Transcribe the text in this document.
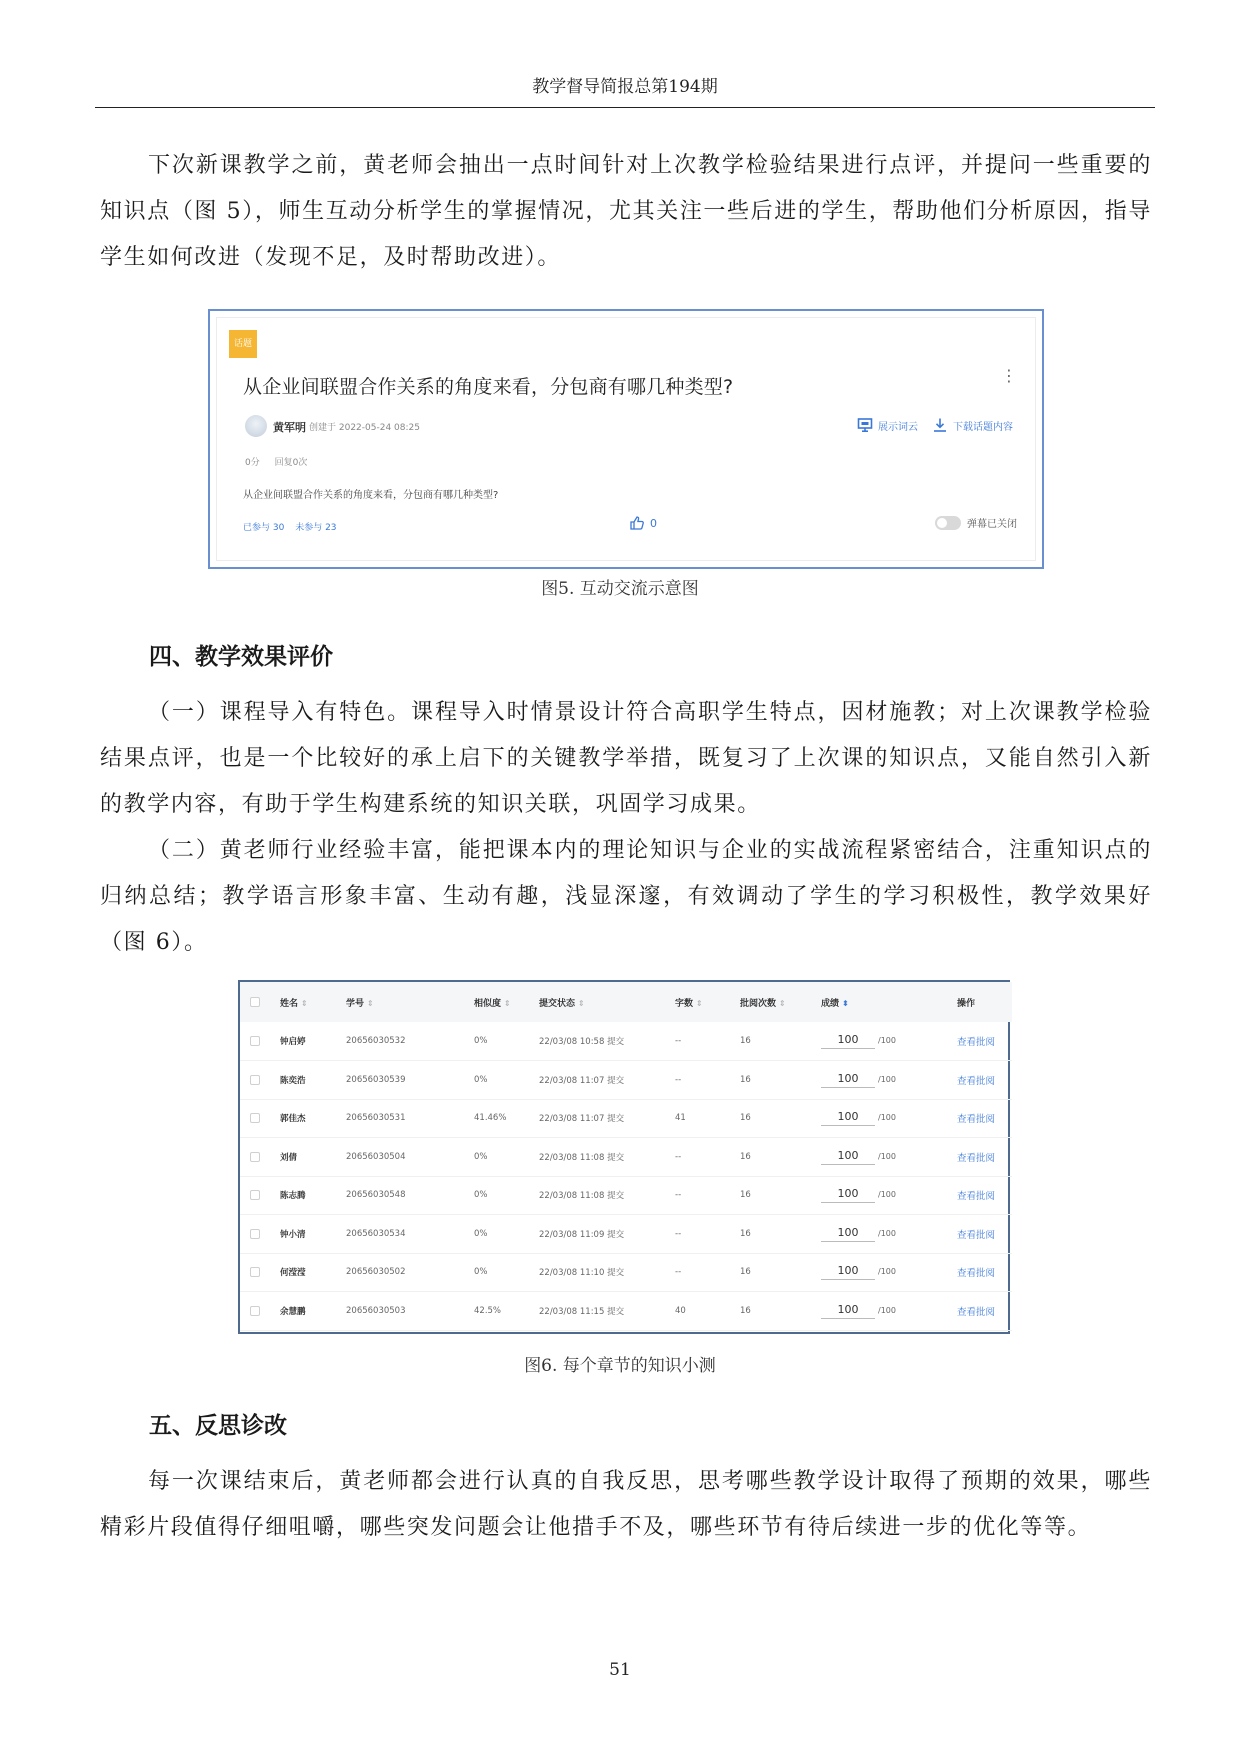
教学督导简报总第194期

下次新课教学之前，黄老师会抽出一点时间针对上次教学检验结果进行点评，并提问一些重要的知识点（图 5），师生互动分析学生的掌握情况，尤其关注一些后进的学生，帮助他们分析原因，指导学生如何改进（发现不足，及时帮助改进）。

话题
从企业间联盟合作关系的角度来看，分包商有哪几种类型?
⋮
黄军明 创建于 2022-05-24 08:25	展示词云	下载话题内容
0分 回复0次
从企业间联盟合作关系的角度来看，分包商有哪几种类型?
已参与 30 未参与 23	0	弹幕已关闭
图5. 互动交流示意图
四、教学效果评价

（一）课程导入有特色。课程导入时情景设计符合高职学生特点，因材施教；对上次课教学检验结果点评，也是一个比较好的承上启下的关键教学举措，既复习了上次课的知识点，又能自然引入新的教学内容，有助于学生构建系统的知识关联，巩固学习成果。

（二）黄老师行业经验丰富，能把课本内的理论知识与企业的实战流程紧密结合，注重知识点的归纳总结；教学语言形象丰富、生动有趣，浅显深邃，有效调动了学生的学习积极性，教学效果好（图 6）。

	姓名 ⇕	学号 ⇕	相似度 ⇕	提交状态 ⇕	字数 ⇕	批阅次数 ⇕	成绩 ⬍	操作
	钟启婷	20656030532	0%	22/03/08 10:58 提交	--	16	100 /100	查看批阅
	陈奕浩	20656030539	0%	22/03/08 11:07 提交	--	16	100 /100	查看批阅
	郭佳杰	20656030531	41.46%	22/03/08 11:07 提交	41	16	100 /100	查看批阅
	刘倩	20656030504	0%	22/03/08 11:08 提交	--	16	100 /100	查看批阅
	陈志腾	20656030548	0%	22/03/08 11:08 提交	--	16	100 /100	查看批阅
	钟小清	20656030534	0%	22/03/08 11:09 提交	--	16	100 /100	查看批阅
	何滢滢	20656030502	0%	22/03/08 11:10 提交	--	16	100 /100	查看批阅
	余慧鹏	20656030503	42.5%	22/03/08 11:15 提交	40	16	100 /100	查看批阅
图6. 每个章节的知识小测
五、反思诊改

每一次课结束后，黄老师都会进行认真的自我反思，思考哪些教学设计取得了预期的效果，哪些精彩片段值得仔细咀嚼，哪些突发问题会让他措手不及，哪些环节有待后续进一步的优化等等。

51
